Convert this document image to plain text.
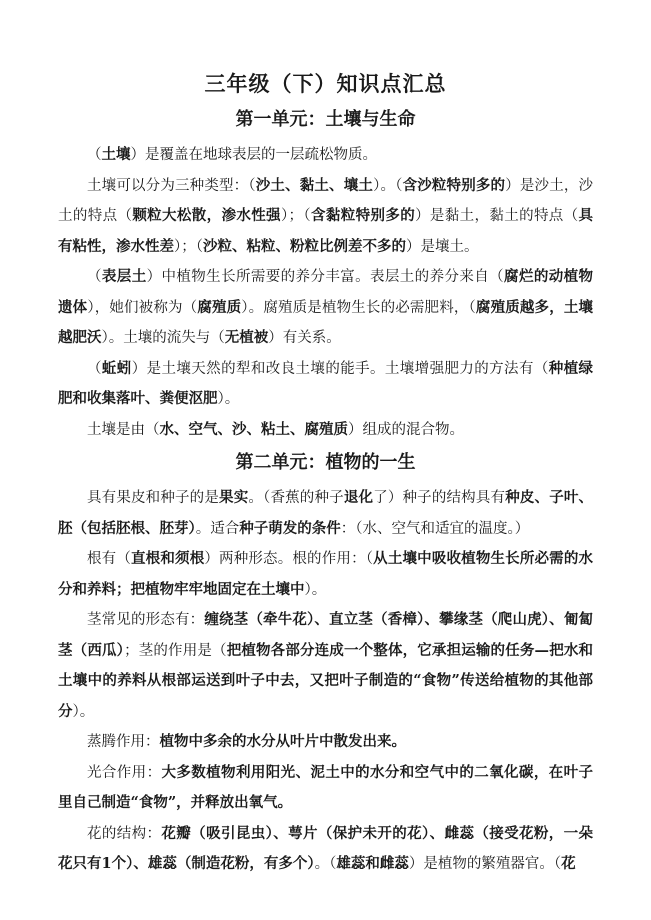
三年级（下）知识点汇总
第一单元：土壤与生命

（土壤）是覆盖在地球表层的一层疏松物质。

土壤可以分为三种类型：（沙土、黏土、壤土）。（含沙粒特别多的）是沙土，沙土的特点（颗粒大松散，渗水性强）；（含黏粒特别多的）是黏土，黏土的特点（具有粘性，渗水性差）；（沙粒、粘粒、粉粒比例差不多的）是壤土。

（表层土）中植物生长所需要的养分丰富。表层土的养分来自（腐烂的动植物遗体），她们被称为（腐殖质）。腐殖质是植物生长的必需肥料，（腐殖质越多，土壤越肥沃）。土壤的流失与（无植被）有关系。

（蚯蚓）是土壤天然的犁和改良土壤的能手。土壤增强肥力的方法有（种植绿肥和收集落叶、粪便沤肥）。

土壤是由（水、空气、沙、粘土、腐殖质）组成的混合物。

第二单元：植物的一生

具有果皮和种子的是果实。（香蕉的种子退化了）种子的结构具有种皮、子叶、胚（包括胚根、胚芽）。适合种子萌发的条件：（水、空气和适宜的温度。）

根有（直根和须根）两种形态。根的作用：（从土壤中吸收植物生长所必需的水分和养料；把植物牢牢地固定在土壤中）。

茎常见的形态有：缠绕茎（牵牛花）、直立茎（香樟）、攀缘茎（爬山虎）、匍匐茎（西瓜）；茎的作用是（把植物各部分连成一个整体，它承担运输的任务—把水和土壤中的养料从根部运送到叶子中去，又把叶子制造的“食物”传送给植物的其他部分）。

蒸腾作用：植物中多余的水分从叶片中散发出来。

光合作用：大多数植物利用阳光、泥土中的水分和空气中的二氧化碳，在叶子里自己制造“食物”，并释放出氧气。

花的结构：花瓣（吸引昆虫）、萼片（保护未开的花）、雌蕊（接受花粉，一朵花只有1个）、雄蕊（制造花粉，有多个）。（雄蕊和雌蕊）是植物的繁殖器官。（花
